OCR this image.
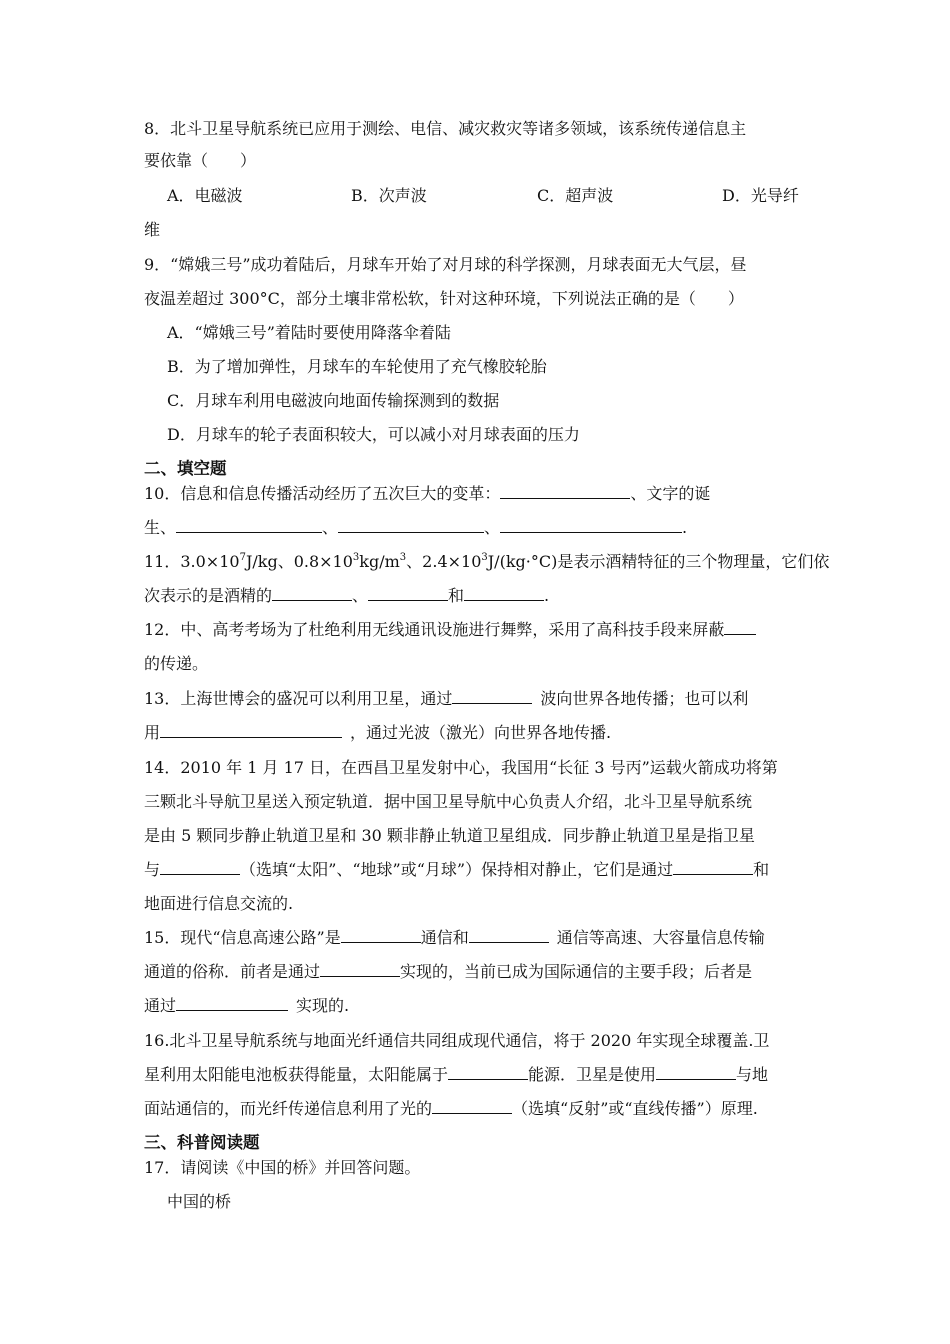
8．北斗卫星导航系统已应用于测绘、电信、减灾救灾等诸多领域，该系统传递信息主
要依靠（　　）
A．电磁波	B．次声波	C．超声波	D．光导纤
维
9．“嫦娥三号”成功着陆后，月球车开始了对月球的科学探测，月球表面无大气层，昼
夜温差超过 300°C，部分土壤非常松软，针对这种环境，下列说法正确的是（　　）
A．“嫦娥三号”着陆时要使用降落伞着陆
B．为了增加弹性，月球车的车轮使用了充气橡胶轮胎
C．月球车利用电磁波向地面传输探测到的数据
D．月球车的轮子表面积较大，可以减小对月球表面的压力
二、填空题
10．信息和信息传播活动经历了五次巨大的变革：	、文字的诞
生、	、	、	.
11．$3.0\times 10^7J/kg$、$0.8\times 10^3kg/m^3$、$2.4\times 10^3J/(kg\cdot^\circ C)$是表示酒精特征的三个物理量，它们依
次表示的是酒精的	、	和	.
12．中、高考考场为了杜绝利用无线通讯设施进行舞弊，采用了高科技手段来屏蔽
的传递。
13．上海世博会的盛况可以利用卫星，通过	波向世界各地传播；也可以利
用	，通过光波（激光）向世界各地传播.
14．2010 年 1 月 17 日，在西昌卫星发射中心，我国用“长征 3 号丙”运载火箭成功将第
三颗北斗导航卫星送入预定轨道．据中国卫星导航中心负责人介绍，北斗卫星导航系统
是由 5 颗同步静止轨道卫星和 30 颗非静止轨道卫星组成．同步静止轨道卫星是指卫星
与	（选填“太阳”、“地球”或“月球”）保持相对静止，它们是通过	和
地面进行信息交流的.
15．现代“信息高速公路”是	通信和	通信等高速、大容量信息传输
通道的俗称．前者是通过	实现的，当前已成为国际通信的主要手段；后者是
通过	实现的.
16.北斗卫星导航系统与地面光纤通信共同组成现代通信，将于 2020 年实现全球覆盖.卫
星利用太阳能电池板获得能量，太阳能属于	能源．卫星是使用	与地
面站通信的，而光纤传递信息利用了光的	（选填“反射”或“直线传播”）原理.
三、科普阅读题
17．请阅读《中国的桥》并回答问题。
中国的桥
